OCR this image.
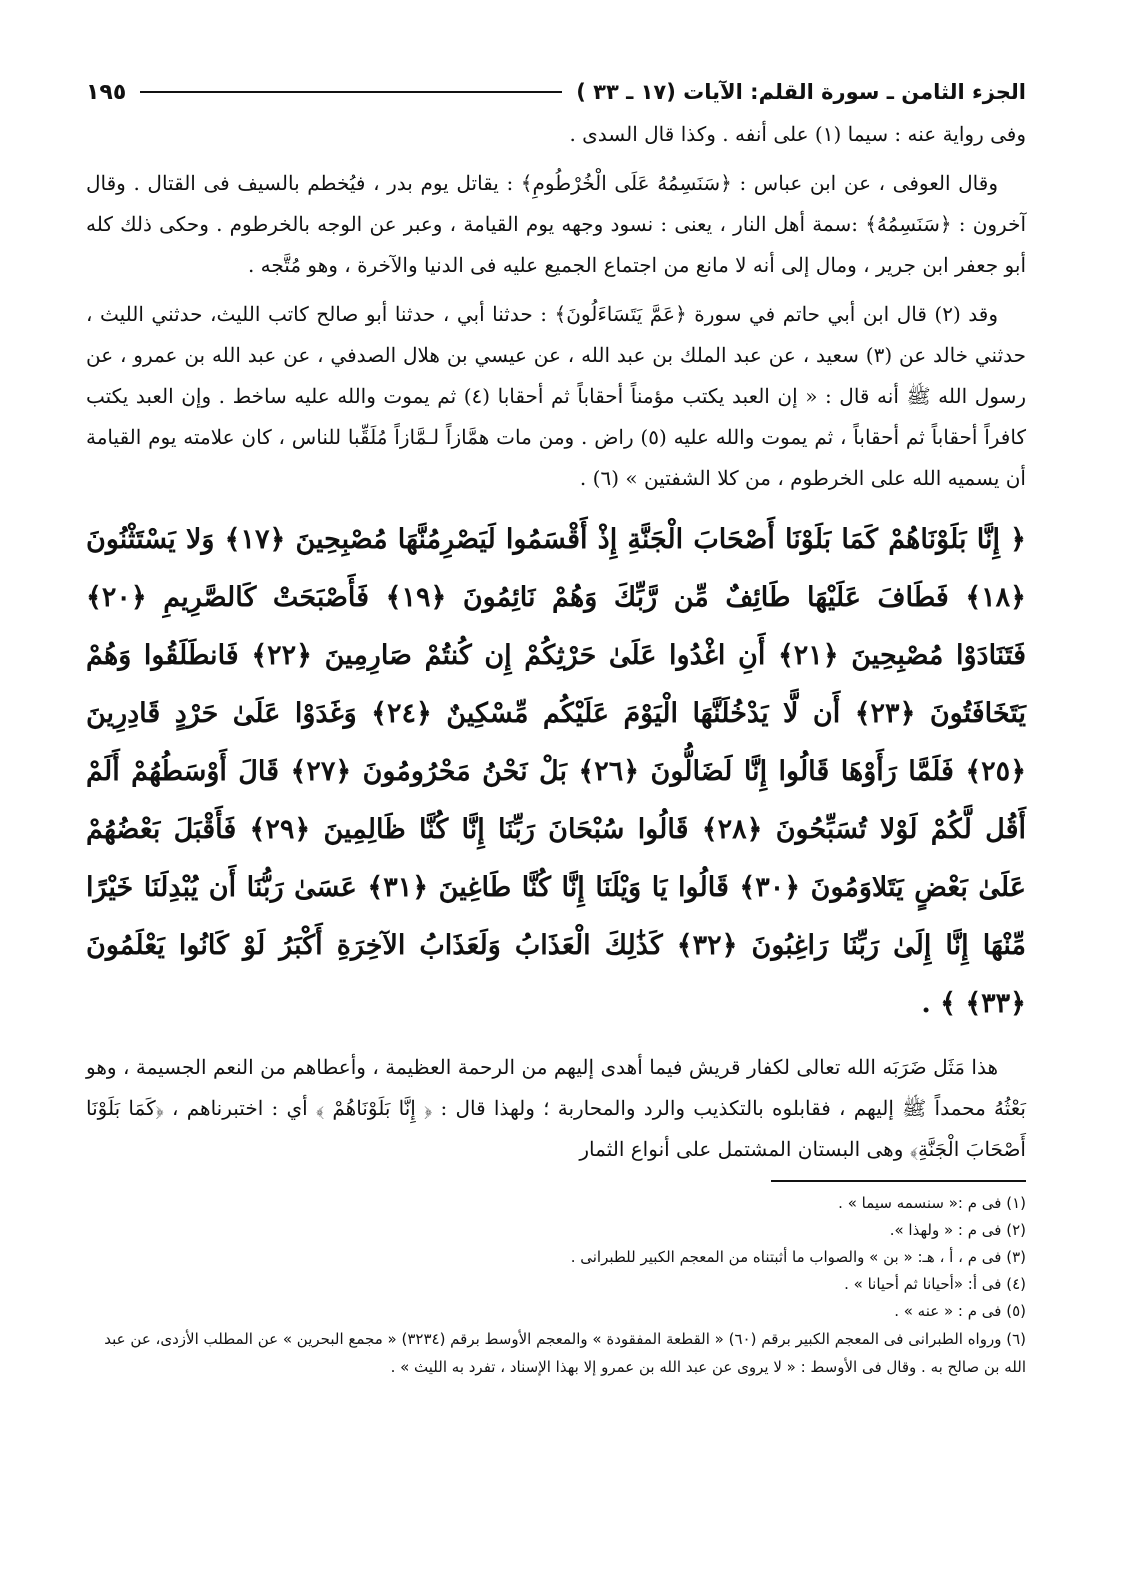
الجزء الثامن ـ سورة القلم: الآيات (١٧ ـ ٣٣ )
١٩٥

وفى رواية عنه : سيما (١) على أنفه . وكذا قال السدى .

وقال العوفى ، عن ابن عباس : ﴿سَنَسِمُهُ عَلَى الْخُرْطُومِ﴾ : يقاتل يوم بدر ، فيُخطم بالسيف فى القتال . وقال آخرون : ﴿سَنَسِمُهُ﴾ :سمة أهل النار ، يعنى : نسود وجهه يوم القيامة ، وعبر عن الوجه بالخرطوم . وحكى ذلك كله أبو جعفر ابن جرير ، ومال إلى أنه لا مانع من اجتماع الجميع عليه فى الدنيا والآخرة ، وهو مُتَّجه .

وقد (٢) قال ابن أبي حاتم في سورة ﴿عَمَّ يَتَسَاءَلُونَ﴾ : حدثنا أبي ، حدثنا أبو صالح كاتب الليث، حدثني الليث ، حدثني خالد عن (٣) سعيد ، عن عبد الملك بن عبد الله ، عن عيسي بن هلال الصدفي ، عن عبد الله بن عمرو ، عن رسول الله ﷺ أنه قال : « إن العبد يكتب مؤمناً أحقاباً ثم أحقابا (٤) ثم يموت والله عليه ساخط . وإن العبد يكتب كافراً أحقاباً ثم أحقاباً ، ثم يموت والله عليه (٥) راض . ومن مات همَّازاً لـمَّازاً مُلَقِّبا للناس ، كان علامته يوم القيامة أن يسميه الله على الخرطوم ، من كلا الشفتين » (٦) .

﴿ إِنَّا بَلَوْنَاهُمْ كَمَا بَلَوْنَا أَصْحَابَ الْجَنَّةِ إِذْ أَقْسَمُوا لَيَصْرِمُنَّهَا مُصْبِحِينَ ﴿١٧﴾ وَلا يَسْتَثْنُونَ ﴿١٨﴾ فَطَافَ عَلَيْهَا طَائِفٌ مِّن رَّبِّكَ وَهُمْ نَائِمُونَ ﴿١٩﴾ فَأَصْبَحَتْ كَالصَّرِيمِ ﴿٢٠﴾ فَتَنَادَوْا مُصْبِحِينَ ﴿٢١﴾ أَنِ اغْدُوا عَلَىٰ حَرْثِكُمْ إِن كُنتُمْ صَارِمِينَ ﴿٢٢﴾ فَانطَلَقُوا وَهُمْ يَتَخَافَتُونَ ﴿٢٣﴾ أَن لَّا يَدْخُلَنَّهَا الْيَوْمَ عَلَيْكُم مِّسْكِينٌ ﴿٢٤﴾ وَغَدَوْا عَلَىٰ حَرْدٍ قَادِرِينَ ﴿٢٥﴾ فَلَمَّا رَأَوْهَا قَالُوا إِنَّا لَضَالُّونَ ﴿٢٦﴾ بَلْ نَحْنُ مَحْرُومُونَ ﴿٢٧﴾ قَالَ أَوْسَطُهُمْ أَلَمْ أَقُل لَّكُمْ لَوْلا تُسَبِّحُونَ ﴿٢٨﴾ قَالُوا سُبْحَانَ رَبِّنَا إِنَّا كُنَّا ظَالِمِينَ ﴿٢٩﴾ فَأَقْبَلَ بَعْضُهُمْ عَلَىٰ بَعْضٍ يَتَلاوَمُونَ ﴿٣٠﴾ قَالُوا يَا وَيْلَنَا إِنَّا كُنَّا طَاغِينَ ﴿٣١﴾ عَسَىٰ رَبُّنَا أَن يُبْدِلَنَا خَيْرًا مِّنْهَا إِنَّا إِلَىٰ رَبِّنَا رَاغِبُونَ ﴿٣٢﴾ كَذَٰلِكَ الْعَذَابُ وَلَعَذَابُ الآخِرَةِ أَكْبَرُ لَوْ كَانُوا يَعْلَمُونَ ﴿٣٣﴾ ﴾ .

هذا مَثَل ضَرَبَه الله تعالى لكفار قريش فيما أهدى إليهم من الرحمة العظيمة ، وأعطاهم من النعم الجسيمة ، وهو بَعْثُهُ محمداً ﷺ إليهم ، فقابلوه بالتكذيب والرد والمحاربة ؛ ولهذا قال : ﴿ إِنَّا بَلَوْنَاهُمْ ﴾ أي : اختبرناهم ، ﴿كَمَا بَلَوْنَا أَصْحَابَ الْجَنَّةِ﴾ وهى البستان المشتمل على أنواع الثمار

(١) فى م :« سنسمه سيما » .

(٢) فى م : « ولهذا ».

(٣) فى م ، أ ، هـ: « بن » والصواب ما أثبتناه من المعجم الكبير للطبرانى .

(٤) فى أ: «أحيانا ثم أحيانا » .

(٥) فى م : « عنه » .

(٦) ورواه الطبرانى فى المعجم الكبير برقم (٦٠) « القطعة المفقودة » والمعجم الأوسط برقم (٣٢٣٤) « مجمع البحرين » عن المطلب الأزدى، عن عبد الله بن صالح به . وقال فى الأوسط : « لا يروى عن عبد الله بن عمرو إلا بهذا الإسناد ، تفرد به الليث » .
